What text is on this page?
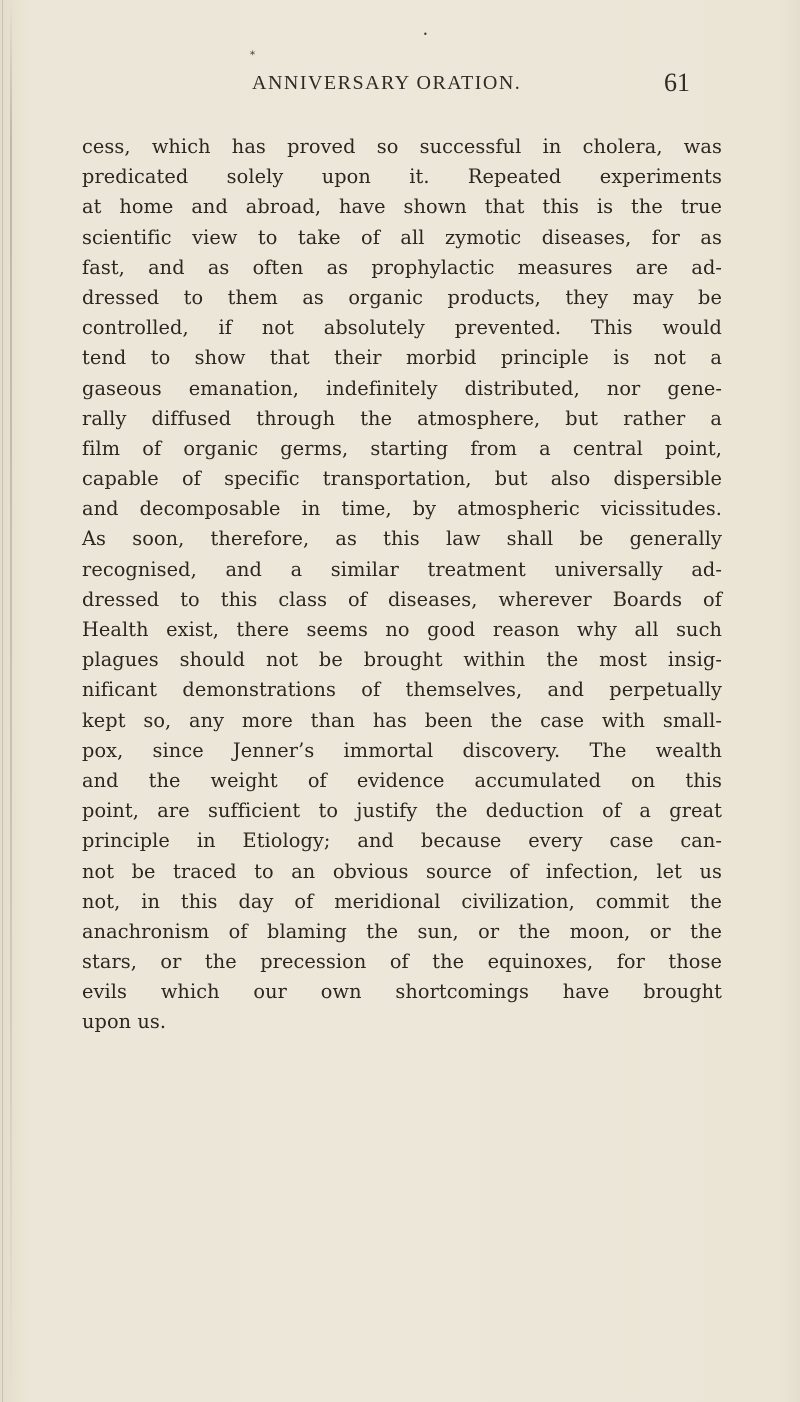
*
•
ANNIVERSARY ORATION.	61
cess, which has proved so successful in cholera, was
predicated solely upon it. Repeated experiments
at home and abroad, have shown that this is the true
scientific view to take of all zymotic diseases, for as
fast, and as often as prophylactic measures are ad-
dressed to them as organic products, they may be
controlled, if not absolutely prevented. This would
tend to show that their morbid principle is not a
gaseous emanation, indefinitely distributed, nor gene-
rally diffused through the atmosphere, but rather a
film of organic germs, starting from a central point,
capable of specific transportation, but also dispersible
and decomposable in time, by atmospheric vicissitudes.
As soon, therefore, as this law shall be generally
recognised, and a similar treatment universally ad-
dressed to this class of diseases, wherever Boards of
Health exist, there seems no good reason why all such
plagues should not be brought within the most insig-
nificant demonstrations of themselves, and perpetually
kept so, any more than has been the case with small-
pox, since Jenner’s immortal discovery. The wealth
and the weight of evidence accumulated on this
point, are sufficient to justify the deduction of a great
principle in Etiology; and because every case can-
not be traced to an obvious source of infection, let us
not, in this day of meridional civilization, commit the
anachronism of blaming the sun, or the moon, or the
stars, or the precession of the equinoxes, for those
evils which our own shortcomings have brought
upon us.
